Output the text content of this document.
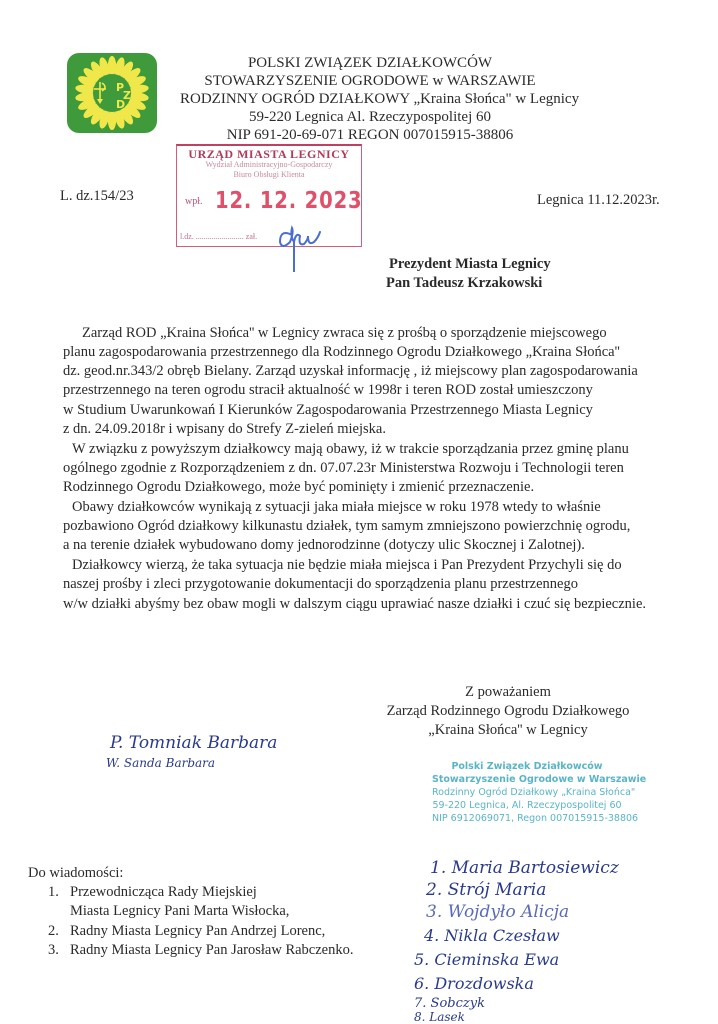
P
Z
D
POLSKI ZWIĄZEK DZIAŁKOWCÓW
STOWARZYSZENIE OGRODOWE w WARSZAWIE
RODZINNY OGRÓD DZIAŁKOWY „Kraina Słońca" w Legnicy
59-220 Legnica Al. Rzeczypospolitej 60
NIP 691-20-69-071 REGON 007015915-38806
URZĄD MIASTA LEGNICY
Wydział Administracyjno-Gospodarczy
Biuro Obsługi Klienta
wpł. 12. 12. 2023
l.dz. ........................ zał.
L. dz.154/23	Legnica 11.12.2023r.
Prezydent Miasta Legnicy
Pan Tadeusz Krzakowski
Zarząd ROD „Kraina Słońca'' w Legnicy zwraca się z prośbą o sporządzenie miejscowego
planu zagospodarowania przestrzennego dla Rodzinnego Ogrodu Działkowego „Kraina Słońca''
dz. geod.nr.343/2 obręb Bielany. Zarząd uzyskał informację , iż miejscowy plan zagospodarowania
przestrzennego na teren ogrodu stracił aktualność w 1998r i teren ROD został umieszczony
w Studium Uwarunkowań I Kierunków Zagospodarowania Przestrzennego Miasta Legnicy
z dn. 24.09.2018r i wpisany do Strefy Z-zieleń miejska.
W związku z powyższym działkowcy mają obawy, iż w trakcie sporządzania przez gminę planu
ogólnego zgodnie z Rozporządzeniem z dn. 07.07.23r Ministerstwa Rozwoju i Technologii teren
Rodzinnego Ogrodu Działkowego, może być pominięty i zmienić przeznaczenie.
Obawy działkowców wynikają z sytuacji jaka miała miejsce w roku 1978 wtedy to właśnie
pozbawiono Ogród działkowy kilkunastu działek, tym samym zmniejszono powierzchnię ogrodu,
a na terenie działek wybudowano domy jednorodzinne (dotyczy ulic Skocznej i Zalotnej).
Działkowcy wierzą, że taka sytuacja nie będzie miała miejsca i Pan Prezydent Przychyli się do
naszej prośby i zleci przygotowanie dokumentacji do sporządzenia planu przestrzennego
w/w działki abyśmy bez obaw mogli w dalszym ciągu uprawiać nasze działki i czuć się bezpiecznie.
Z poważaniem
Zarząd Rodzinnego Ogrodu Działkowego
„Kraina Słońca'' w Legnicy
P. Tomniak Barbara
W. Sanda Barbara	Polski Związek Działkowców
Stowarzyszenie Ogrodowe w Warszawie
Rodzinny Ogród Działkowy „Kraina Słońca"
59-220 Legnica, Al. Rzeczypospolitej 60
NIP 6912069071, Regon 007015915-38806
Do wiadomości:
1. Przewodnicząca Rady Miejskiej
Miasta Legnicy Pani Marta Wisłocka,
2. Radny Miasta Legnicy Pan Andrzej Lorenc,
3. Radny Miasta Legnicy Pan Jarosław Rabczenko.
1. Maria Bartosiewicz
2. Strój Maria
3. Wojdyło Alicja
4. Nikla Czesław
5. Cieminska Ewa
6. Drozdowska
7. Sobczyk
8. Lasek
